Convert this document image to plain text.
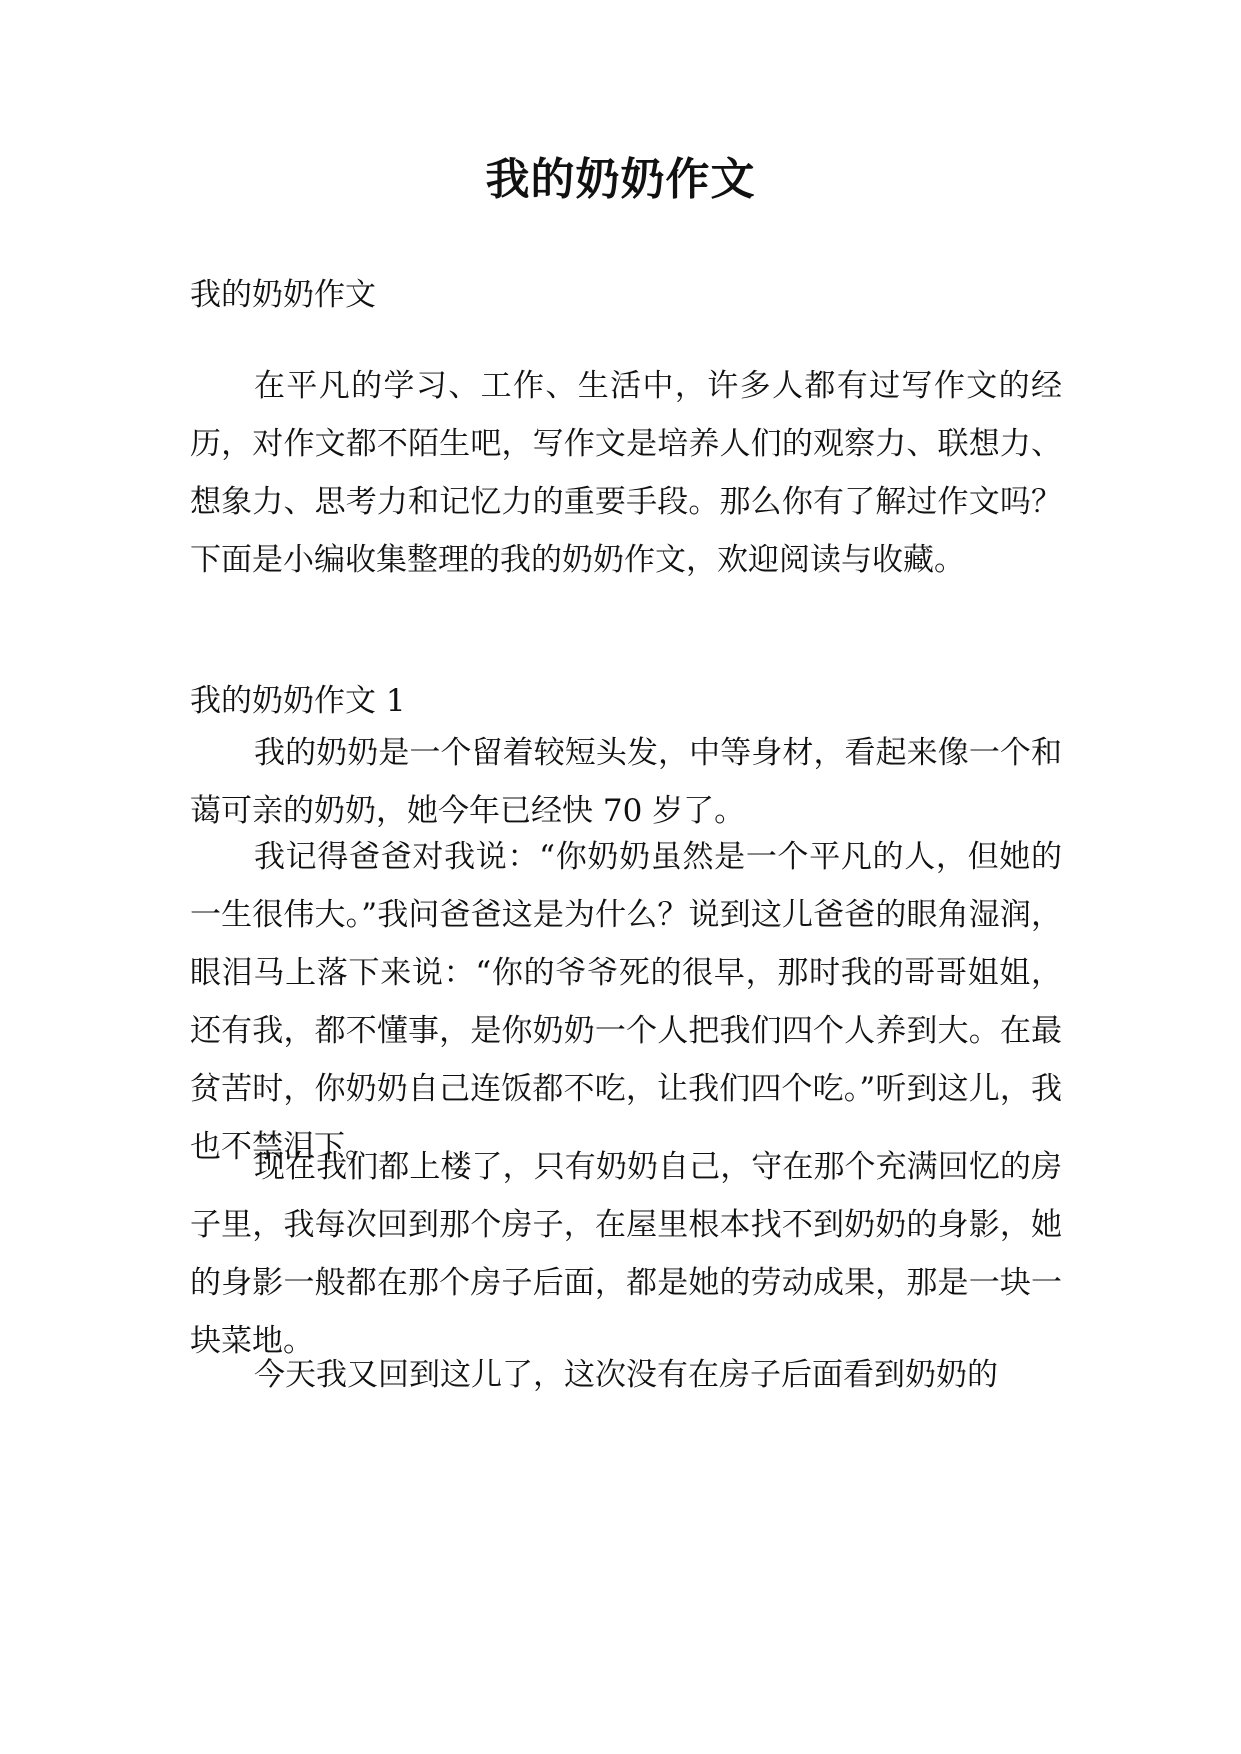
我的奶奶作文

我的奶奶作文

在平凡的学习、工作、生活中，许多人都有过写作文的经历，对作文都不陌生吧，写作文是培养人们的观察力、联想力、想象力、思考力和记忆力的重要手段。那么你有了解过作文吗？下面是小编收集整理的我的奶奶作文，欢迎阅读与收藏。

我的奶奶作文 1

我的奶奶是一个留着较短头发，中等身材，看起来像一个和蔼可亲的奶奶，她今年已经快 70 岁了。

我记得爸爸对我说：“你奶奶虽然是一个平凡的人，但她的一生很伟大。”我问爸爸这是为什么？说到这儿爸爸的眼角湿润，眼泪马上落下来说：“你的爷爷死的很早，那时我的哥哥姐姐，还有我，都不懂事，是你奶奶一个人把我们四个人养到大。在最贫苦时，你奶奶自己连饭都不吃，让我们四个吃。”听到这儿，我也不禁泪下。

现在我们都上楼了，只有奶奶自己，守在那个充满回忆的房子里，我每次回到那个房子，在屋里根本找不到奶奶的身影，她的身影一般都在那个房子后面，都是她的劳动成果，那是一块一块菜地。

今天我又回到这儿了，这次没有在房子后面看到奶奶的
